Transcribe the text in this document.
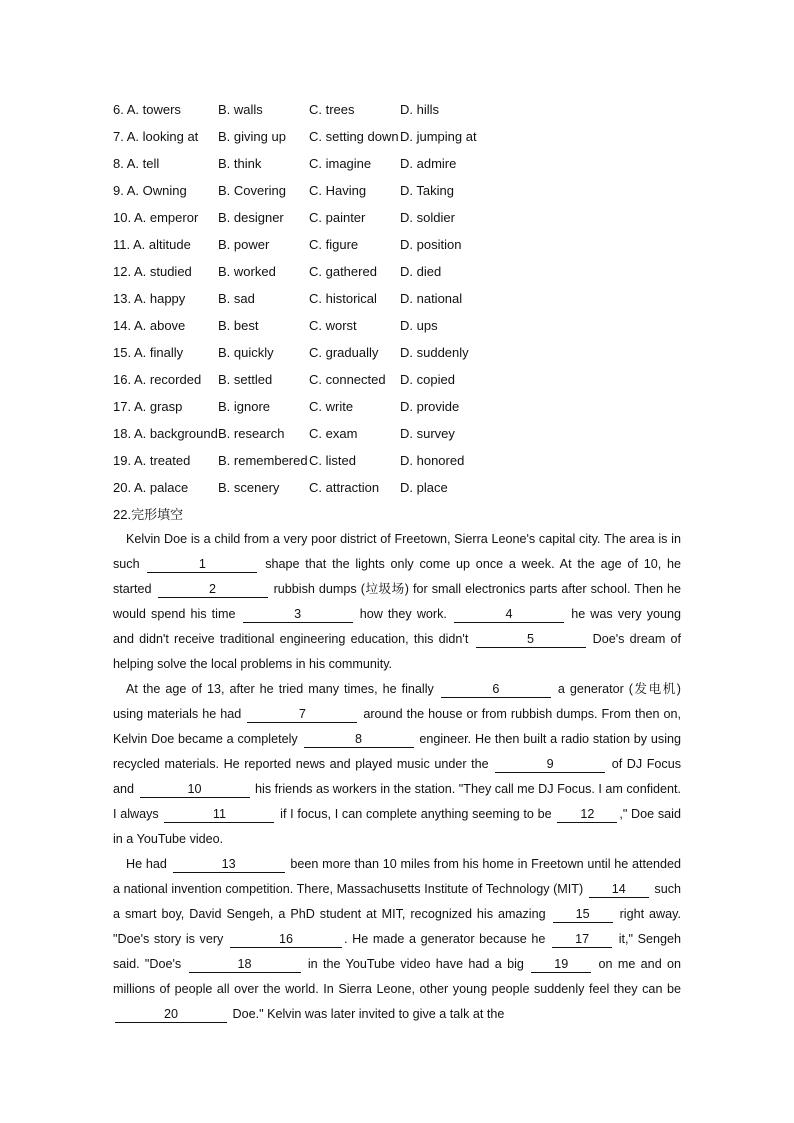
6. A. towers	B. walls	C. trees	D. hills
7. A. looking at B. giving up C. setting down D. jumping at
8. A. tell	B. think	C. imagine D. admire
9. A. Owning B. Covering C. Having	D. Taking
10. A. emperor B. designer C. painter	D. soldier
11. A. altitude B. power	C. figure	D. position
12. A. studied B. worked	C. gathered D. died
13. A. happy	B. sad	C. historical D. national
14. A. above	B. best	C. worst	D. ups
15. A. finally	B. quickly	C. gradually D. suddenly
16. A. recorded B. settled	C. connected D. copied
17. A. grasp	B. ignore	C. write	D. provide
18. A. background B. research C. exam	D. survey
19. A. treated B. remembered C. listed	D. honored
20. A. palace B. scenery C. attraction D. place
22.完形填空

Kelvin Doe is a child from a very poor district of Freetown, Sierra Leone's capital city. The area is in such	1	shape that the lights only come up once a week. At the age of 10, he started	2	rubbish dumps (垃圾场) for small electronics parts after school. Then he would spend his time	3	how they work.	4	he was very young and didn't receive traditional engineering education, this didn't	5	Doe's dream of helping solve the local problems in his community.

At the age of 13, after he tried many times, he finally	6	a generator (发电机) using materials he had	7	around the house or from rubbish dumps. From then on, Kelvin Doe became a completely	8	engineer. He then built a radio station by using recycled materials. He reported news and played music under the	9	of DJ Focus and	10	his friends as workers in the station. "They call me DJ Focus. I am confident. I always	11	if I focus, I can complete anything seeming to be 12 ," Doe said in a YouTube video.

He had	13	been more than 10 miles from his home in Freetown until he attended a national invention competition. There, Massachusetts Institute of Technology (MIT) 14 such a smart boy, David Sengeh, a PhD student at MIT, recognized his amazing 15 right away. "Doe's story is very	16	. He made a generator because he 17 it," Sengeh said. "Doe's	18	in the YouTube video have had a big 19 on me and on millions of people all over the world. In Sierra Leone, other young people suddenly feel they can be 20	Doe." Kelvin was later invited to give a talk at the
